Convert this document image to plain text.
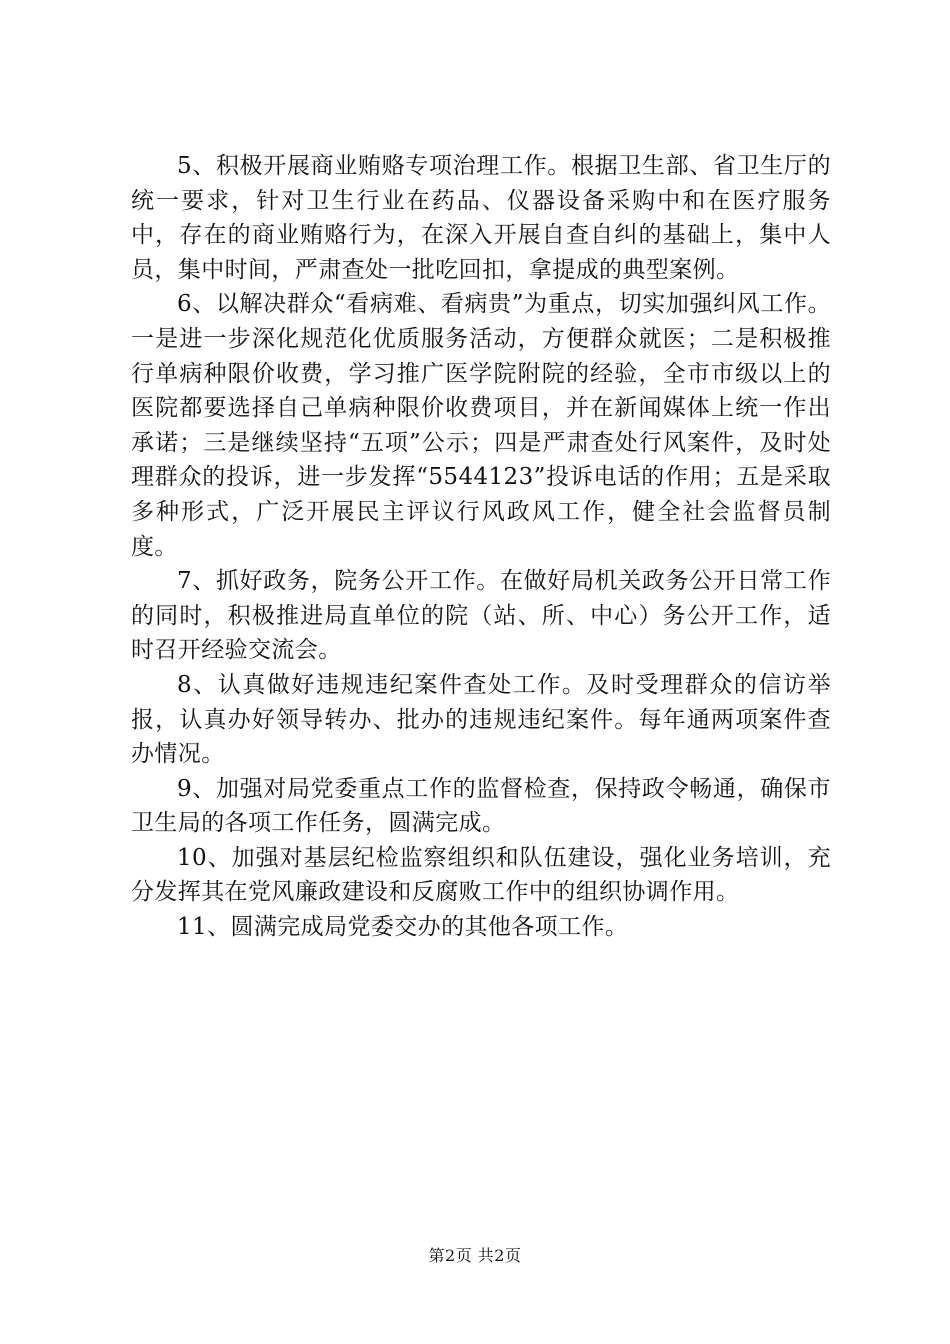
5、积极开展商业贿赂专项治理工作。根据卫生部、省卫生厅的统一要求，针对卫生行业在药品、仪器设备采购中和在医疗服务中，存在的商业贿赂行为，在深入开展自查自纠的基础上，集中人员，集中时间，严肃查处一批吃回扣，拿提成的典型案例。

6、以解决群众“看病难、看病贵”为重点，切实加强纠风工作。一是进一步深化规范化优质服务活动，方便群众就医；二是积极推行单病种限价收费，学习推广医学院附院的经验，全市市级以上的医院都要选择自己单病种限价收费项目，并在新闻媒体上统一作出承诺；三是继续坚持“五项”公示；四是严肃查处行风案件，及时处理群众的投诉，进一步发挥“5544123”投诉电话的作用；五是采取多种形式，广泛开展民主评议行风政风工作，健全社会监督员制度。

7、抓好政务，院务公开工作。在做好局机关政务公开日常工作的同时，积极推进局直单位的院（站、所、中心）务公开工作，适时召开经验交流会。

8、认真做好违规违纪案件查处工作。及时受理群众的信访举报，认真办好领导转办、批办的违规违纪案件。每年通两项案件查办情况。

9、加强对局党委重点工作的监督检查，保持政令畅通，确保市卫生局的各项工作任务，圆满完成。

10、加强对基层纪检监察组织和队伍建设，强化业务培训，充分发挥其在党风廉政建设和反腐败工作中的组织协调作用。

11、圆满完成局党委交办的其他各项工作。

第2页 共2页
